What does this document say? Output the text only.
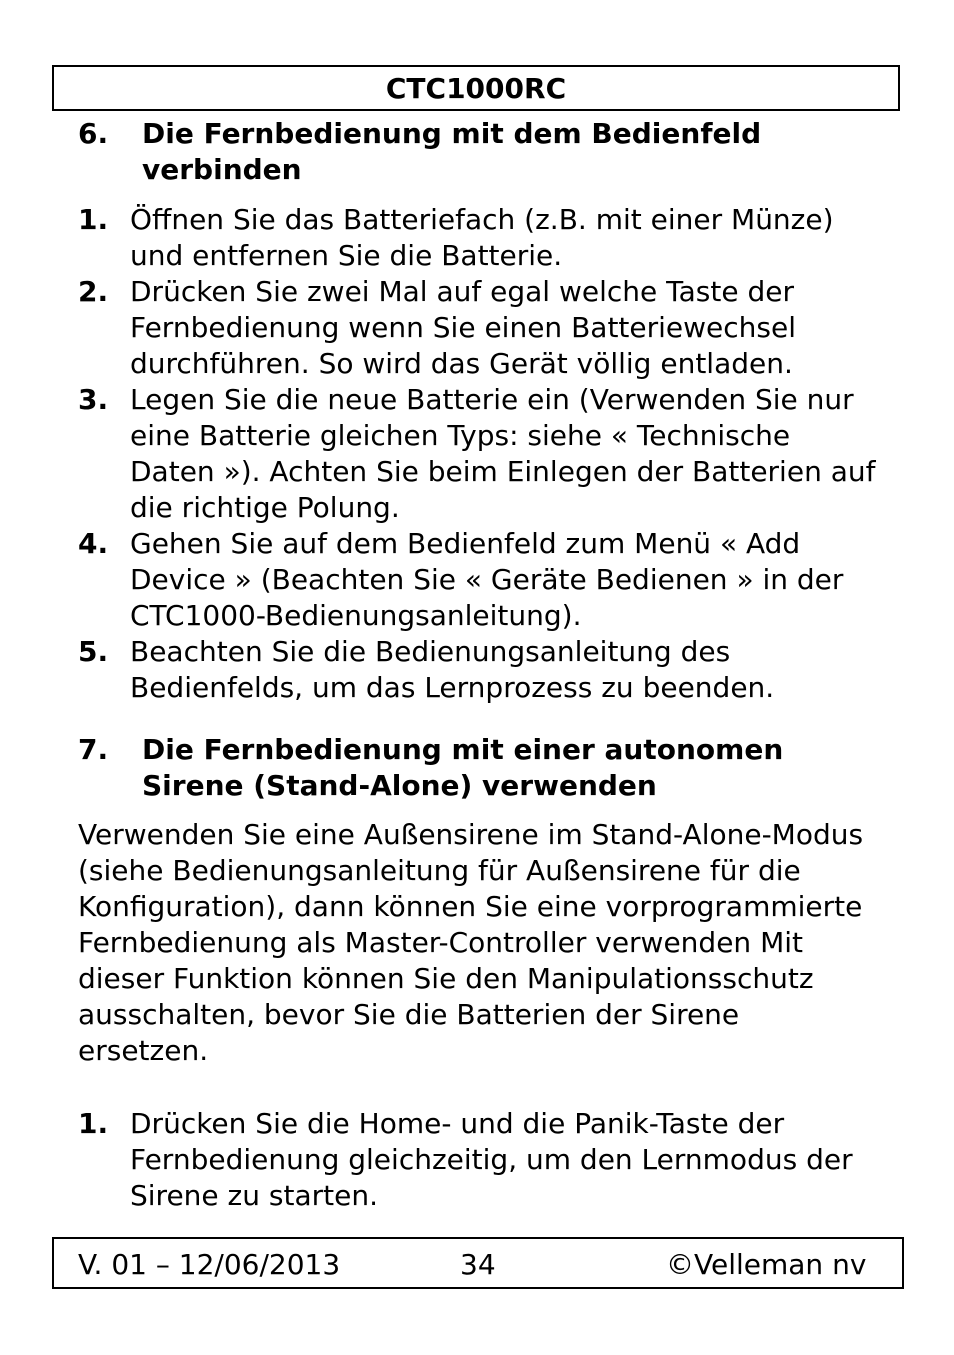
CTC1000RC
6. Die Fernbedienung mit dem Bedienfeld verbinden
1. Öffnen Sie das Batteriefach (z.B. mit einer Münze) und entfernen Sie die Batterie.
2. Drücken Sie zwei Mal auf egal welche Taste der Fernbedienung wenn Sie einen Batteriewechsel durchführen. So wird das Gerät völlig entladen.
3. Legen Sie die neue Batterie ein (Verwenden Sie nur eine Batterie gleichen Typs: siehe « Technische Daten »). Achten Sie beim Einlegen der Batterien auf die richtige Polung.
4. Gehen Sie auf dem Bedienfeld zum Menü « Add Device » (Beachten Sie « Geräte Bedienen » in der CTC1000-Bedienungsanleitung).
5. Beachten Sie die Bedienungsanleitung des Bedienfelds, um das Lernprozess zu beenden.
7. Die Fernbedienung mit einer autonomen Sirene (Stand-Alone) verwenden

Verwenden Sie eine Außensirene im Stand-Alone-Modus (siehe Bedienungsanleitung für Außensirene für die Konfiguration), dann können Sie eine vorprogrammierte Fernbedienung als Master-Controller verwenden Mit dieser Funktion können Sie den Manipulationsschutz ausschalten, bevor Sie die Batterien der Sirene ersetzen.

1. Drücken Sie die Home- und die Panik-Taste der Fernbedienung gleichzeitig, um den Lernmodus der Sirene zu starten.
V. 01 – 12/06/2013	34	©Velleman nv
